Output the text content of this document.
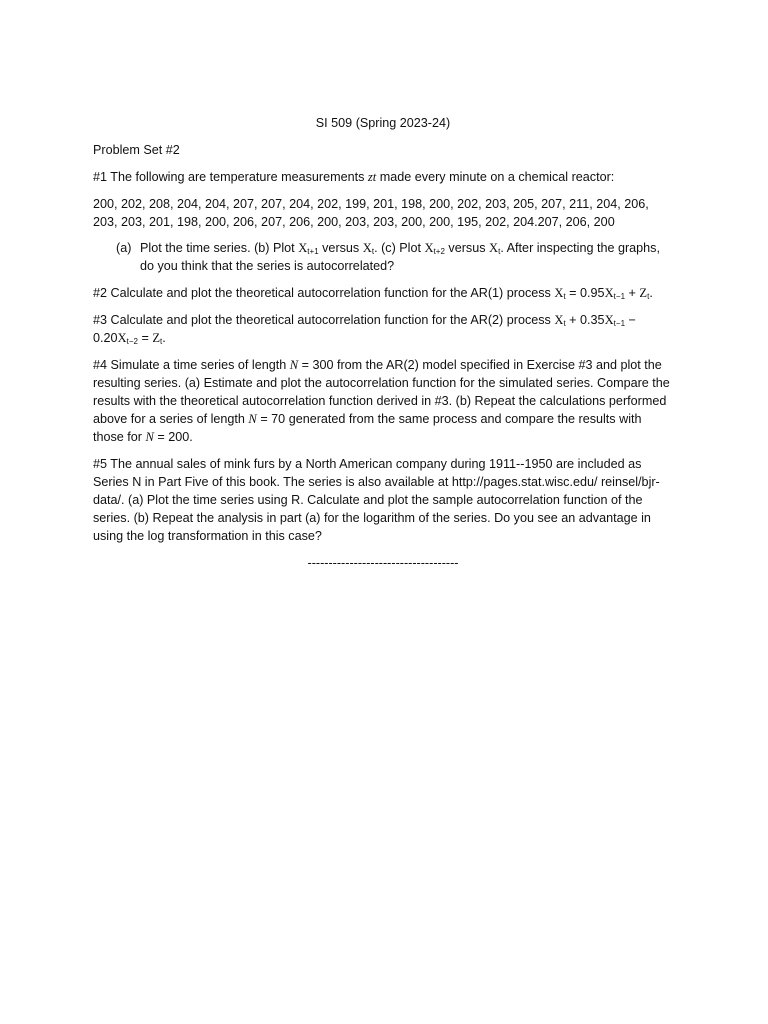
SI 509 (Spring 2023-24)

Problem Set #2

#1 The following are temperature measurements zt made every minute on a chemical reactor:

200, 202, 208, 204, 204, 207, 207, 204, 202, 199, 201, 198, 200, 202, 203, 205, 207, 211, 204, 206, 203, 203, 201, 198, 200, 206, 207, 206, 200, 203, 203, 200, 200, 195, 202, 204.207, 206, 200

(a) Plot the time series. (b) Plot $X_{t+1}$ versus $X_t$. (c) Plot $X_{t+2}$ versus $X_t$. After inspecting the graphs, do you think that the series is autocorrelated?

#2 Calculate and plot the theoretical autocorrelation function for the AR(1) process $X_t = 0.95X_{t-1} + Z_t$.

#3 Calculate and plot the theoretical autocorrelation function for the AR(2) process $X_t + 0.35X_{t-1} - 0.20X_{t-2} = Z_t$.

#4 Simulate a time series of length N = 300 from the AR(2) model specified in Exercise #3 and plot the resulting series. (a) Estimate and plot the autocorrelation function for the simulated series. Compare the results with the theoretical autocorrelation function derived in #3. (b) Repeat the calculations performed above for a series of length N = 70 generated from the same process and compare the results with those for N = 200.

#5 The annual sales of mink furs by a North American company during 1911--1950 are included as Series N in Part Five of this book. The series is also available at http://pages.stat.wisc.edu/ reinsel/bjr-data/. (a) Plot the time series using R. Calculate and plot the sample autocorrelation function of the series. (b) Repeat the analysis in part (a) for the logarithm of the series. Do you see an advantage in using the log transformation in this case?

------------------------------------
